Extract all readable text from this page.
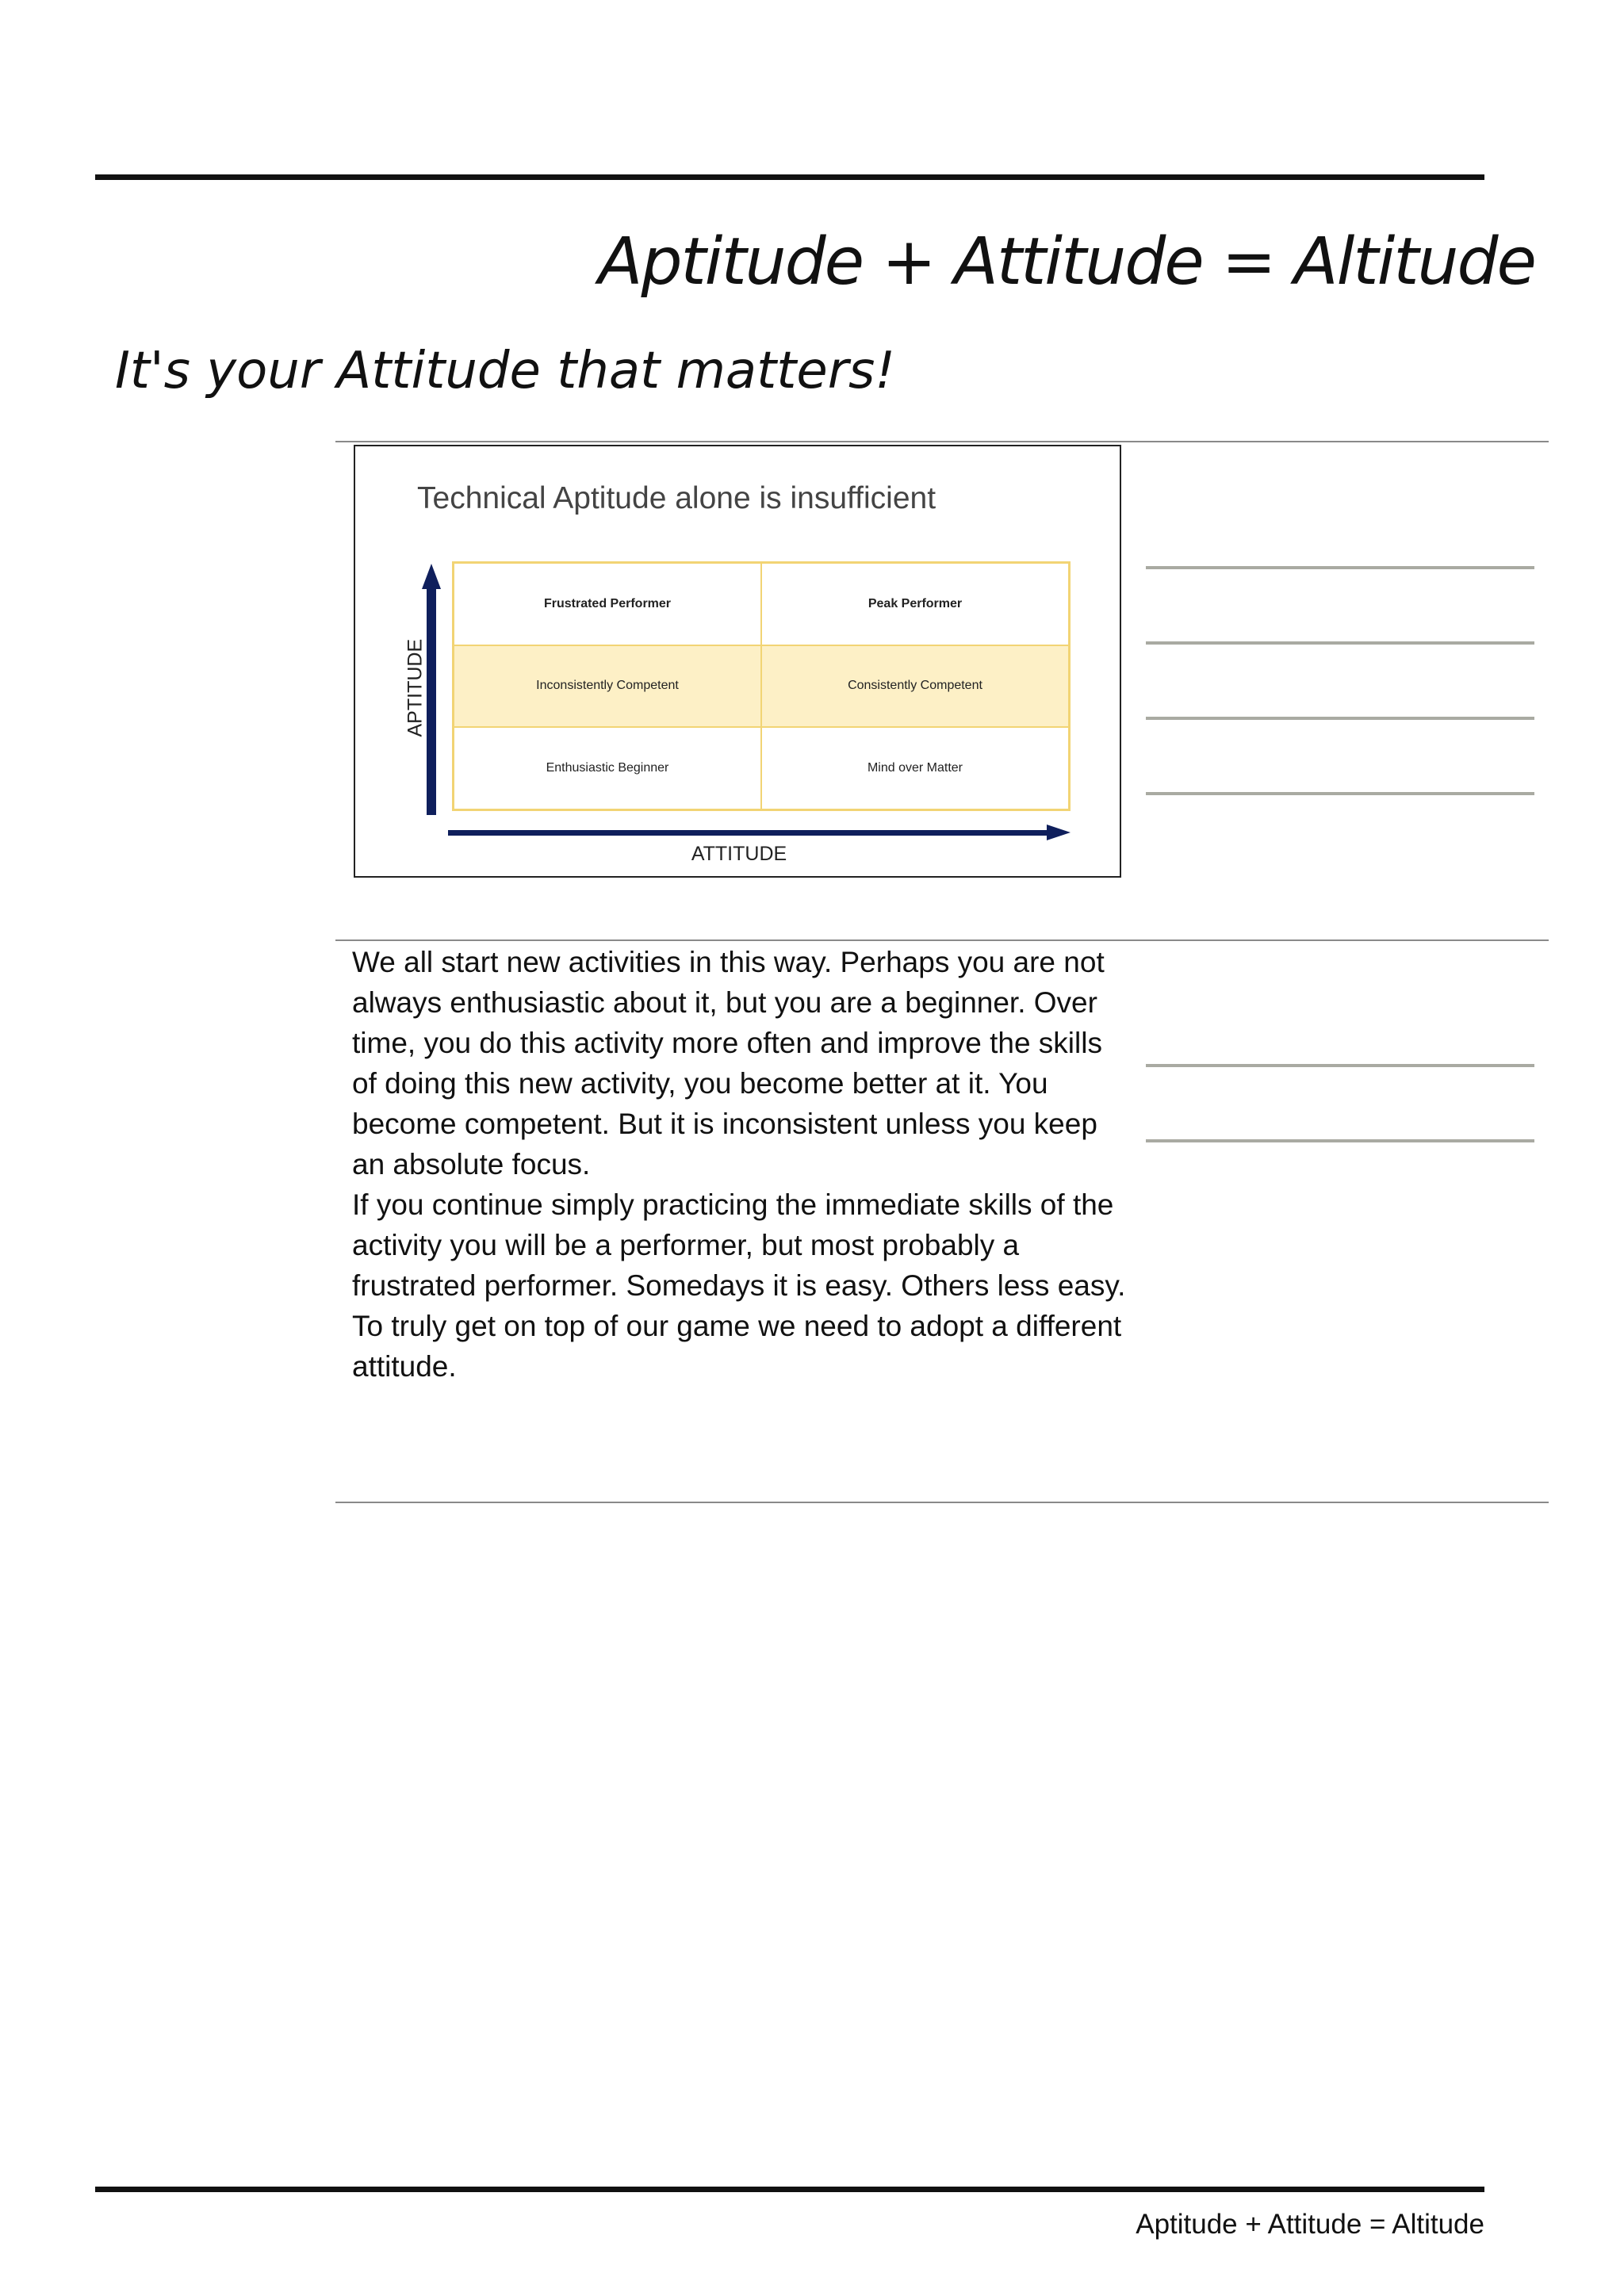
Aptitude + Attitude = Altitude
It's your Attitude that matters!
Technical Aptitude alone is insufficient
Frustrated Performer	Peak Performer
Inconsistently Competent	Consistently Competent
Enthusiastic Beginner	Mind over Matter
APTITUDE
ATTITUDE

We all start new activities in this way. Perhaps you are not always enthusiastic about it, but you are a beginner. Over time, you do this activity more often and improve the skills of doing this new activity, you become better at it. You become competent. But it is inconsistent unless you keep an absolute focus.

If you continue simply practicing the immediate skills of the activity you will be a performer, but most probably a frustrated performer. Somedays it is easy. Others less easy.

To truly get on top of our game we need to adopt a different attitude.

Aptitude + Attitude = Altitude
